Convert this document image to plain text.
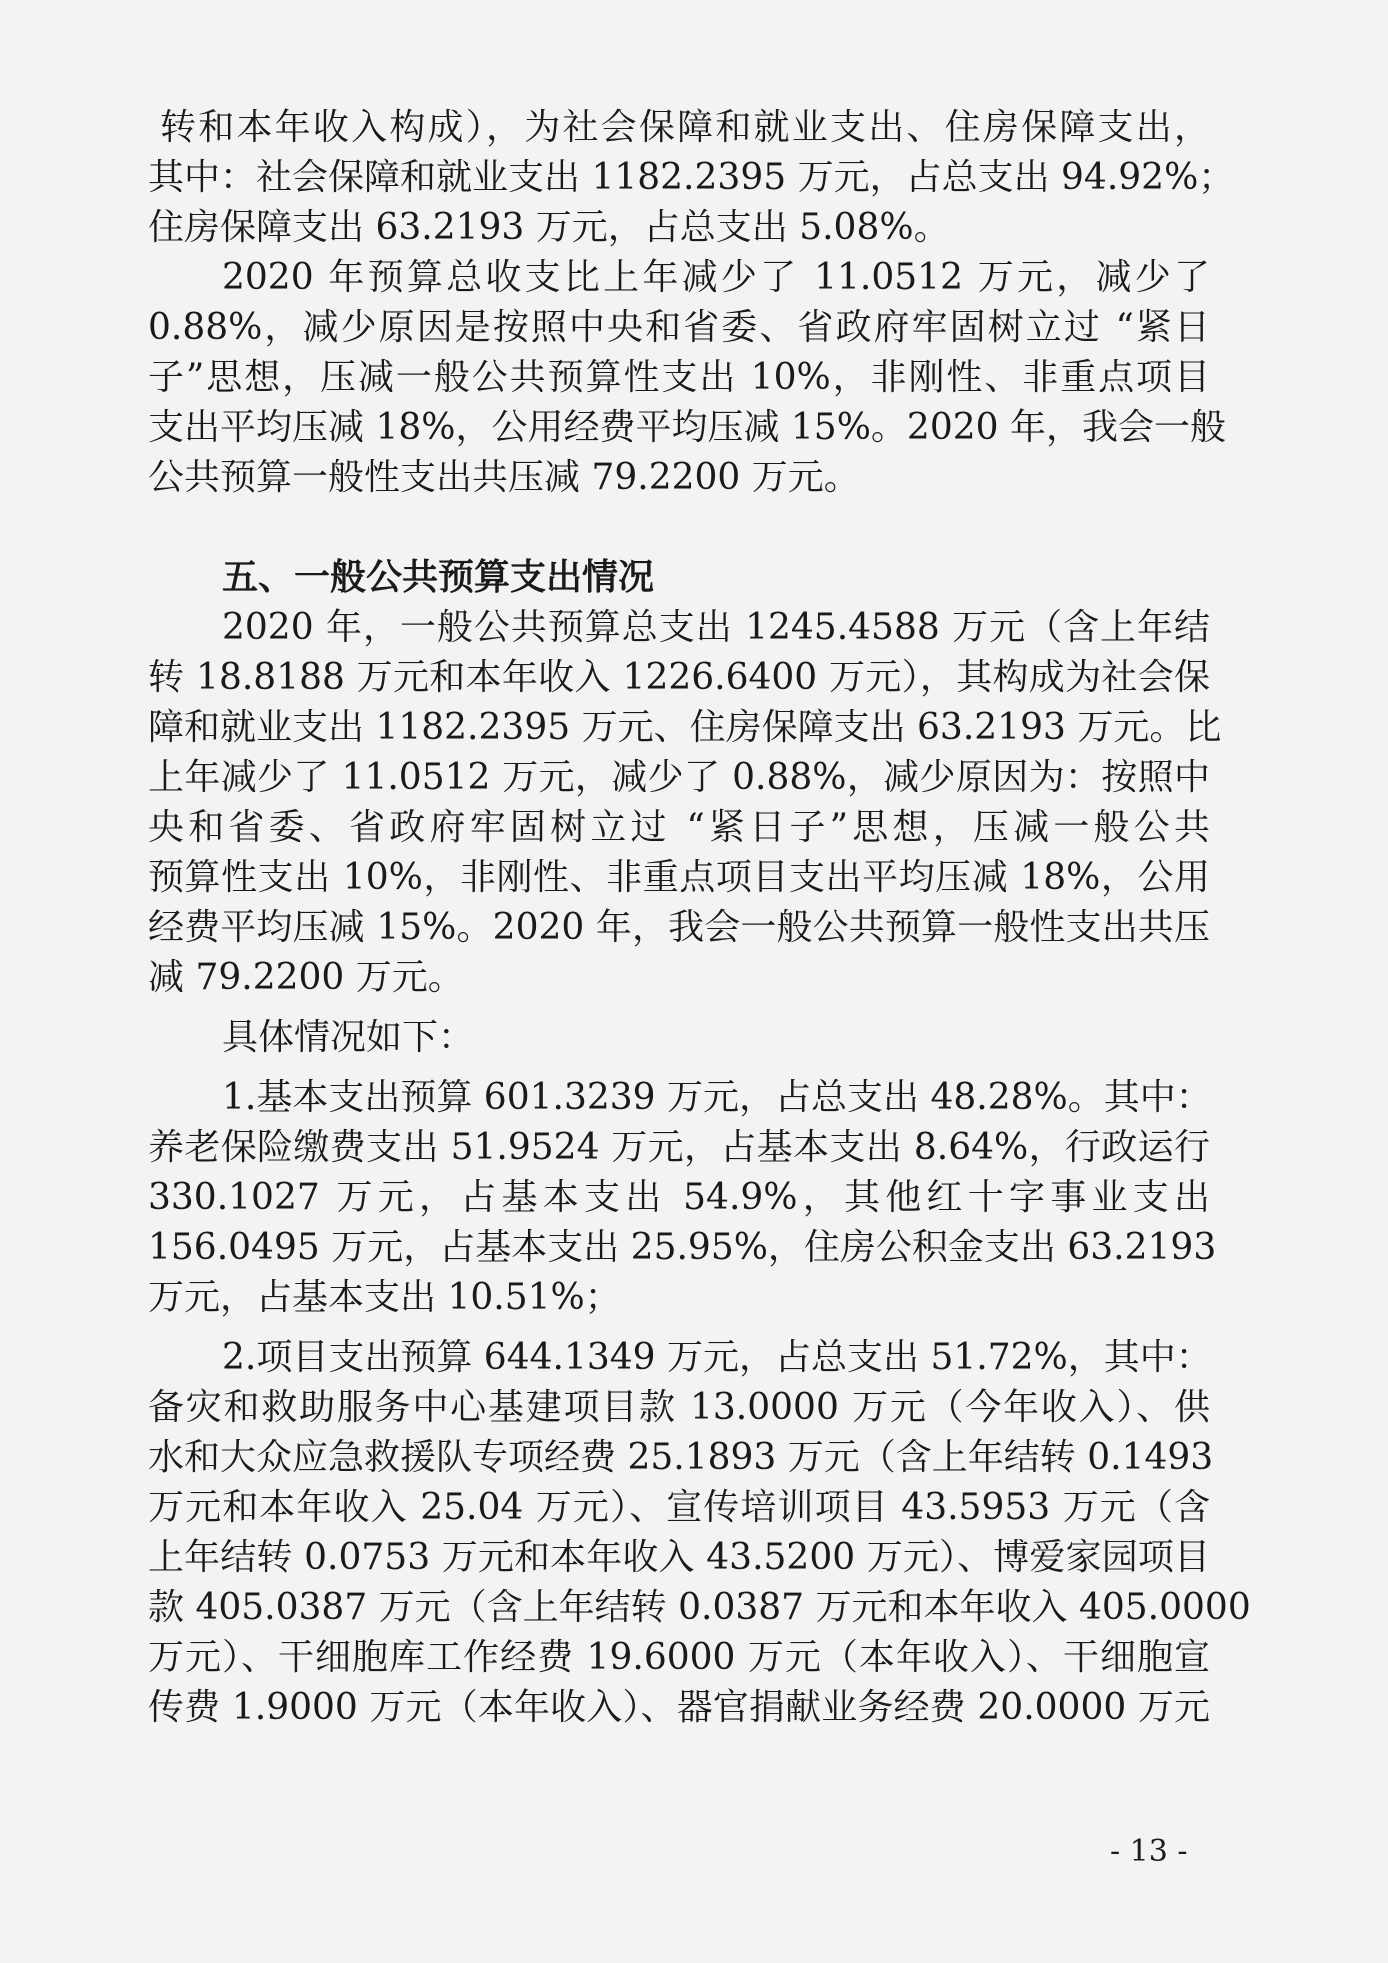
转和本年收入构成），为社会保障和就业支出、住房保障支出，
其中：社会保障和就业支出 1182.2395 万元，占总支出 94.92%；
住房保障支出 63.2193 万元，占总支出 5.08%。
2020 年预算总收支比上年减少了 11.0512 万元，减少了
0.88%，减少原因是按照中央和省委、省政府牢固树立过 “紧日
子”思想，压减一般公共预算性支出 10%，非刚性、非重点项目
支出平均压减 18%，公用经费平均压减 15%。2020 年，我会一般
公共预算一般性支出共压减 79.2200 万元。
五、一般公共预算支出情况
2020 年，一般公共预算总支出 1245.4588 万元（含上年结
转 18.8188 万元和本年收入 1226.6400 万元），其构成为社会保
障和就业支出 1182.2395 万元、住房保障支出 63.2193 万元。比
上年减少了 11.0512 万元，减少了 0.88%，减少原因为：按照中
央和省委、省政府牢固树立过 “紧日子”思想，压减一般公共
预算性支出 10%，非刚性、非重点项目支出平均压减 18%，公用
经费平均压减 15%。2020 年，我会一般公共预算一般性支出共压
减 79.2200 万元。
具体情况如下：
1.基本支出预算 601.3239 万元，占总支出 48.28%。其中：
养老保险缴费支出 51.9524 万元，占基本支出 8.64%，行政运行
330.1027 万元，占基本支出 54.9%，其他红十字事业支出
156.0495 万元，占基本支出 25.95%，住房公积金支出 63.2193
万元，占基本支出 10.51%；
2.项目支出预算 644.1349 万元，占总支出 51.72%，其中：
备灾和救助服务中心基建项目款 13.0000 万元（今年收入）、供
水和大众应急救援队专项经费 25.1893 万元（含上年结转 0.1493
万元和本年收入 25.04 万元）、宣传培训项目 43.5953 万元（含
上年结转 0.0753 万元和本年收入 43.5200 万元）、博爱家园项目
款 405.0387 万元（含上年结转 0.0387 万元和本年收入 405.0000
万元）、干细胞库工作经费 19.6000 万元（本年收入）、干细胞宣
传费 1.9000 万元（本年收入）、器官捐献业务经费 20.0000 万元
- 13 -
